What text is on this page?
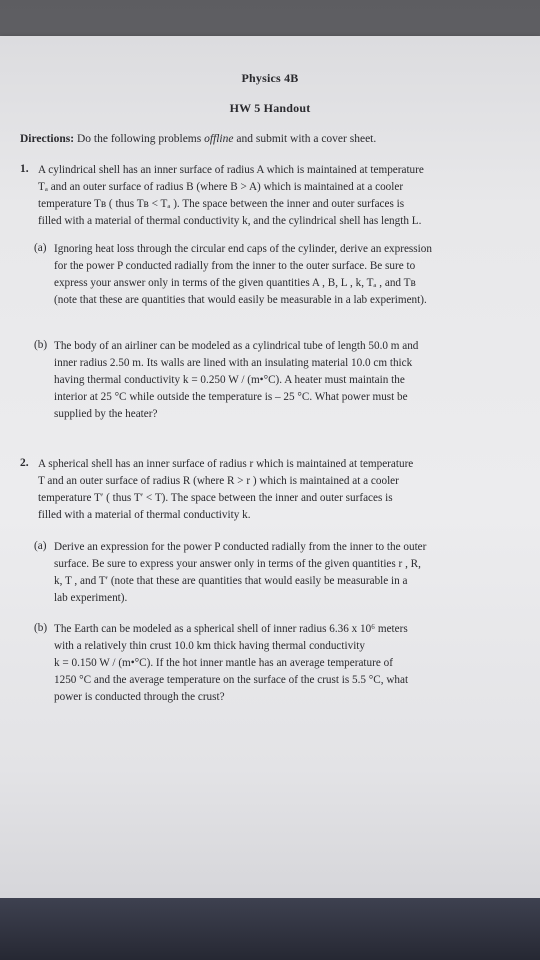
Physics 4B
HW 5 Handout
Directions: Do the following problems offline and submit with a cover sheet.
1. A cylindrical shell has an inner surface of radius A which is maintained at temperature
Tₐ and an outer surface of radius B (where B > A) which is maintained at a cooler
temperature Tʙ ( thus Tʙ < Tₐ ). The space between the inner and outer surfaces is
filled with a material of thermal conductivity k, and the cylindrical shell has length L.
(a) Ignoring heat loss through the circular end caps of the cylinder, derive an expression
for the power P conducted radially from the inner to the outer surface. Be sure to
express your answer only in terms of the given quantities A , B, L , k, Tₐ , and Tʙ
(note that these are quantities that would easily be measurable in a lab experiment).
(b) The body of an airliner can be modeled as a cylindrical tube of length 50.0 m and
inner radius 2.50 m. Its walls are lined with an insulating material 10.0 cm thick
having thermal conductivity k = 0.250 W / (m•°C). A heater must maintain the
interior at 25 °C while outside the temperature is – 25 °C. What power must be
supplied by the heater?
2. A spherical shell has an inner surface of radius r which is maintained at temperature
T and an outer surface of radius R (where R > r ) which is maintained at a cooler
temperature T′ ( thus T′ < T). The space between the inner and outer surfaces is
filled with a material of thermal conductivity k.
(a) Derive an expression for the power P conducted radially from the inner to the outer
surface. Be sure to express your answer only in terms of the given quantities r , R,
k, T , and T′ (note that these are quantities that would easily be measurable in a
lab experiment).
(b) The Earth can be modeled as a spherical shell of inner radius 6.36 x 10⁶ meters
with a relatively thin crust 10.0 km thick having thermal conductivity
k = 0.150 W / (m•°C). If the hot inner mantle has an average temperature of
1250 °C and the average temperature on the surface of the crust is 5.5 °C, what
power is conducted through the crust?
